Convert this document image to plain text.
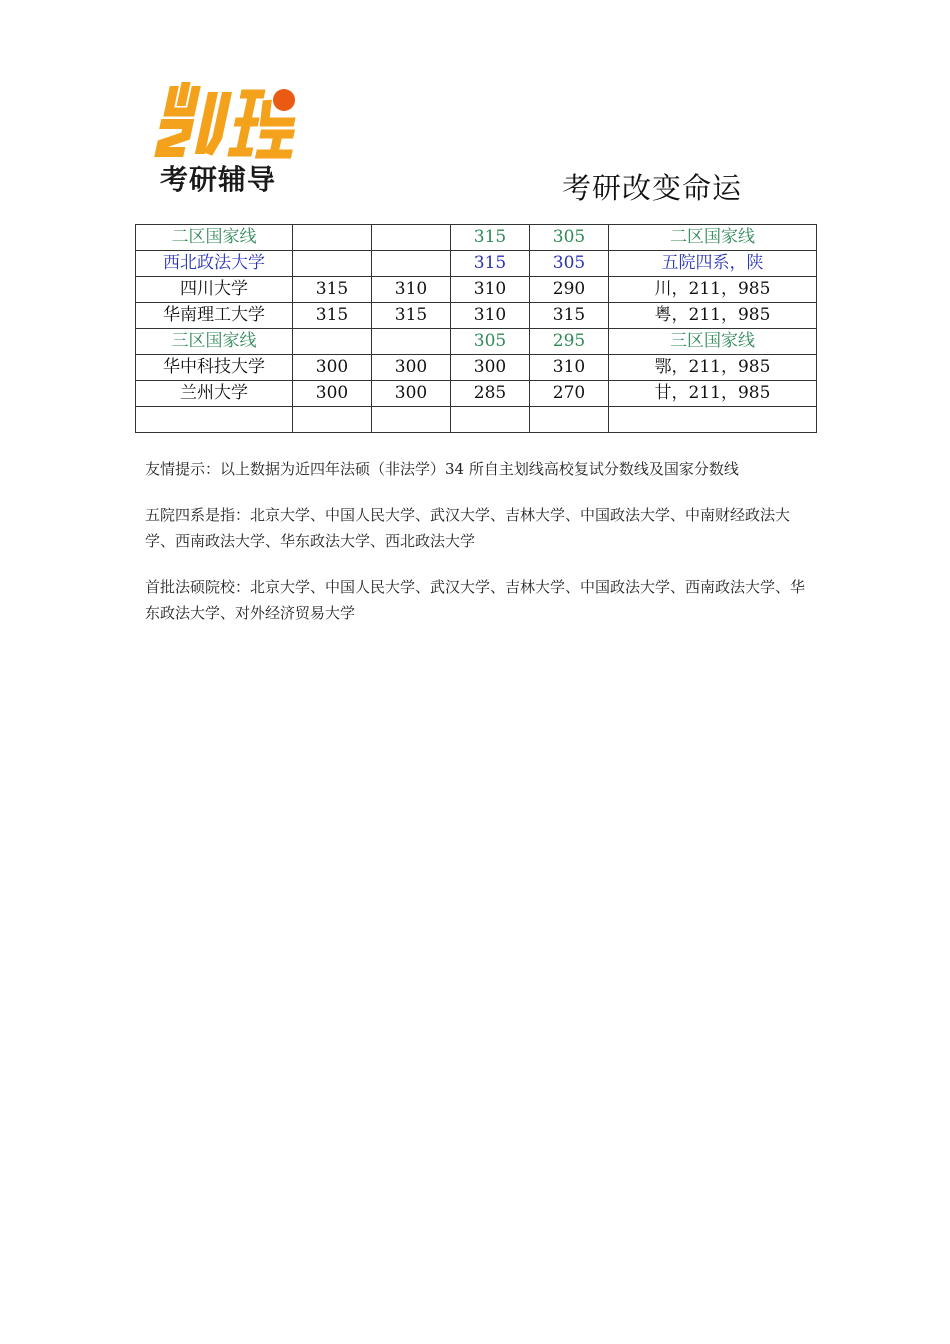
考研辅导	考研改变命运
二区国家线			315	305	二区国家线
西北政法大学			315	305	五院四系，陕
四川大学	315	310	310	290	川，211，985
华南理工大学	315	315	310	315	粤，211，985
三区国家线			305	295	三区国家线
华中科技大学	300	300	300	310	鄂，211，985
兰州大学	300	300	285	270	甘，211，985

友情提示：以上数据为近四年法硕（非法学）34 所自主划线高校复试分数线及国家分数线

五院四系是指：北京大学、中国人民大学、武汉大学、吉林大学、中国政法大学、中南财经政法大学、西南政法大学、华东政法大学、西北政法大学

首批法硕院校：北京大学、中国人民大学、武汉大学、吉林大学、中国政法大学、西南政法大学、华东政法大学、对外经济贸易大学
